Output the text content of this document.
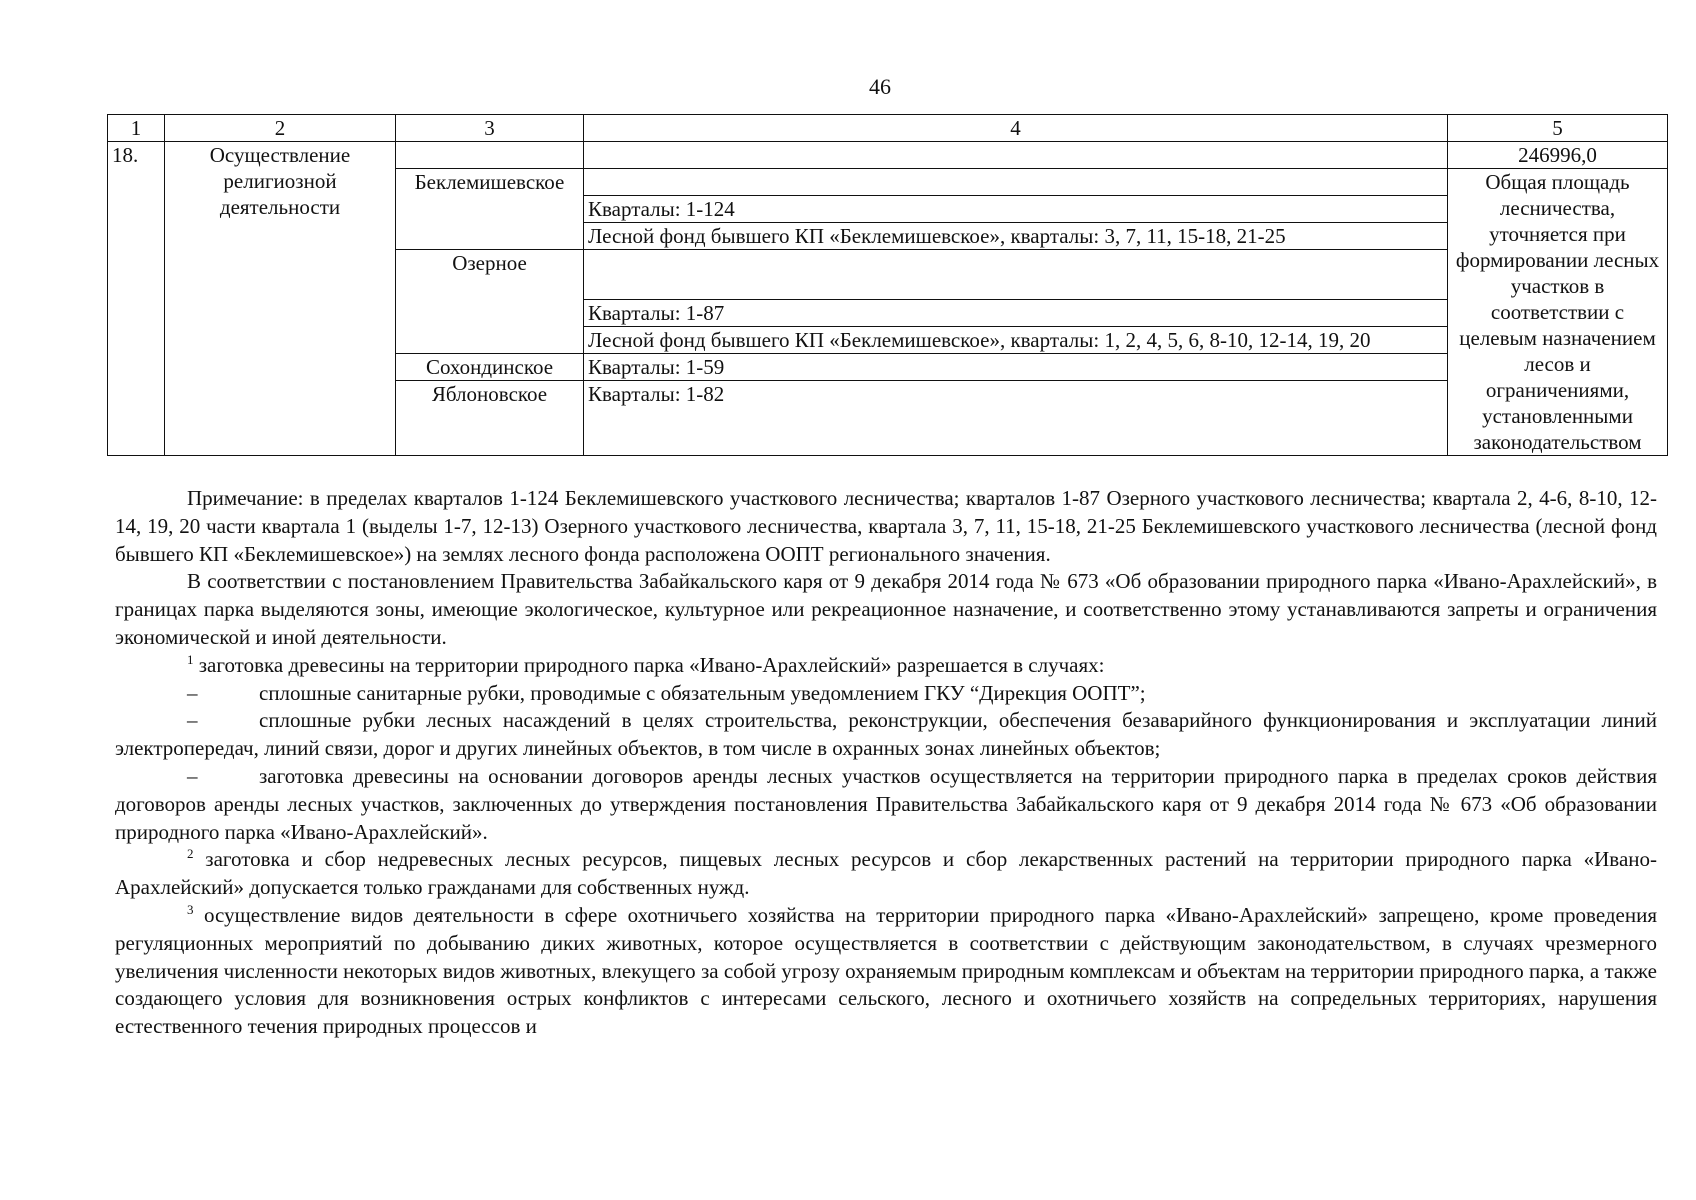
46
1	2	3	4	5
18.	Осуществление религиозной деятельности			246996,0
		Беклемишевское		Общая площадь лесничества, уточняется при формировании лесных участков в соответствии с целевым назначением лесов и ограничениями, установленными законодательством
			Кварталы: 1-124	
			Лесной фонд бывшего КП «Беклемишевское», кварталы: 3, 7, 11, 15-18, 21-25	
		Озерное		
			Кварталы: 1-87	
			Лесной фонд бывшего КП «Беклемишевское», кварталы: 1, 2, 4, 5, 6, 8-10, 12-14, 19, 20	
		Сохондинское	Кварталы: 1-59	
		Яблоновское	Кварталы: 1-82	

Примечание: в пределах кварталов 1-124 Беклемишевского участкового лесничества; кварталов 1-87 Озерного участкового лесничества; квартала 2, 4-6, 8-10, 12-14, 19, 20 части квартала 1 (выделы 1-7, 12-13) Озерного участкового лесничества, квартала 3, 7, 11, 15-18, 21-25 Беклемишевского участкового лесничества (лесной фонд бывшего КП «Беклемишевское») на землях лесного фонда расположена ООПТ регионального значения.

В соответствии с постановлением Правительства Забайкальского каря от 9 декабря 2014 года № 673 «Об образовании природного парка «Ивано-Арахлейский», в границах парка выделяются зоны, имеющие экологическое, культурное или рекреационное назначение, и соответственно этому устанавливаются запреты и ограничения экономической и иной деятельности.

$^1$ заготовка древесины на территории природного парка «Ивано-Арахлейский» разрешается в случаях:

–	сплошные санитарные рубки, проводимые с обязательным уведомлением ГКУ “Дирекция ООПТ”;

–	сплошные рубки лесных насаждений в целях строительства, реконструкции, обеспечения безаварийного функционирования и эксплуатации линий электропередач, линий связи, дорог и других линейных объектов, в том числе в охранных зонах линейных объектов;

–	заготовка древесины на основании договоров аренды лесных участков осуществляется на территории природного парка в пределах сроков действия договоров аренды лесных участков, заключенных до утверждения постановления Правительства Забайкальского каря от 9 декабря 2014 года № 673 «Об образовании природного парка «Ивано-Арахлейский».

$^2$ заготовка и сбор недревесных лесных ресурсов, пищевых лесных ресурсов и сбор лекарственных растений на территории природного парка «Ивано-Арахлейский» допускается только гражданами для собственных нужд.

$^3$ осуществление видов деятельности в сфере охотничьего хозяйства на территории природного парка «Ивано-Арахлейский» запрещено, кроме проведения регуляционных мероприятий по добыванию диких животных, которое осуществляется в соответствии с действующим законодательством, в случаях чрезмерного увеличения численности некоторых видов животных, влекущего за собой угрозу охраняемым природным комплексам и объектам на территории природного парка, а также создающего условия для возникновения острых конфликтов с интересами сельского, лесного и охотничьего хозяйств на сопредельных территориях, нарушения естественного течения природных процессов и
